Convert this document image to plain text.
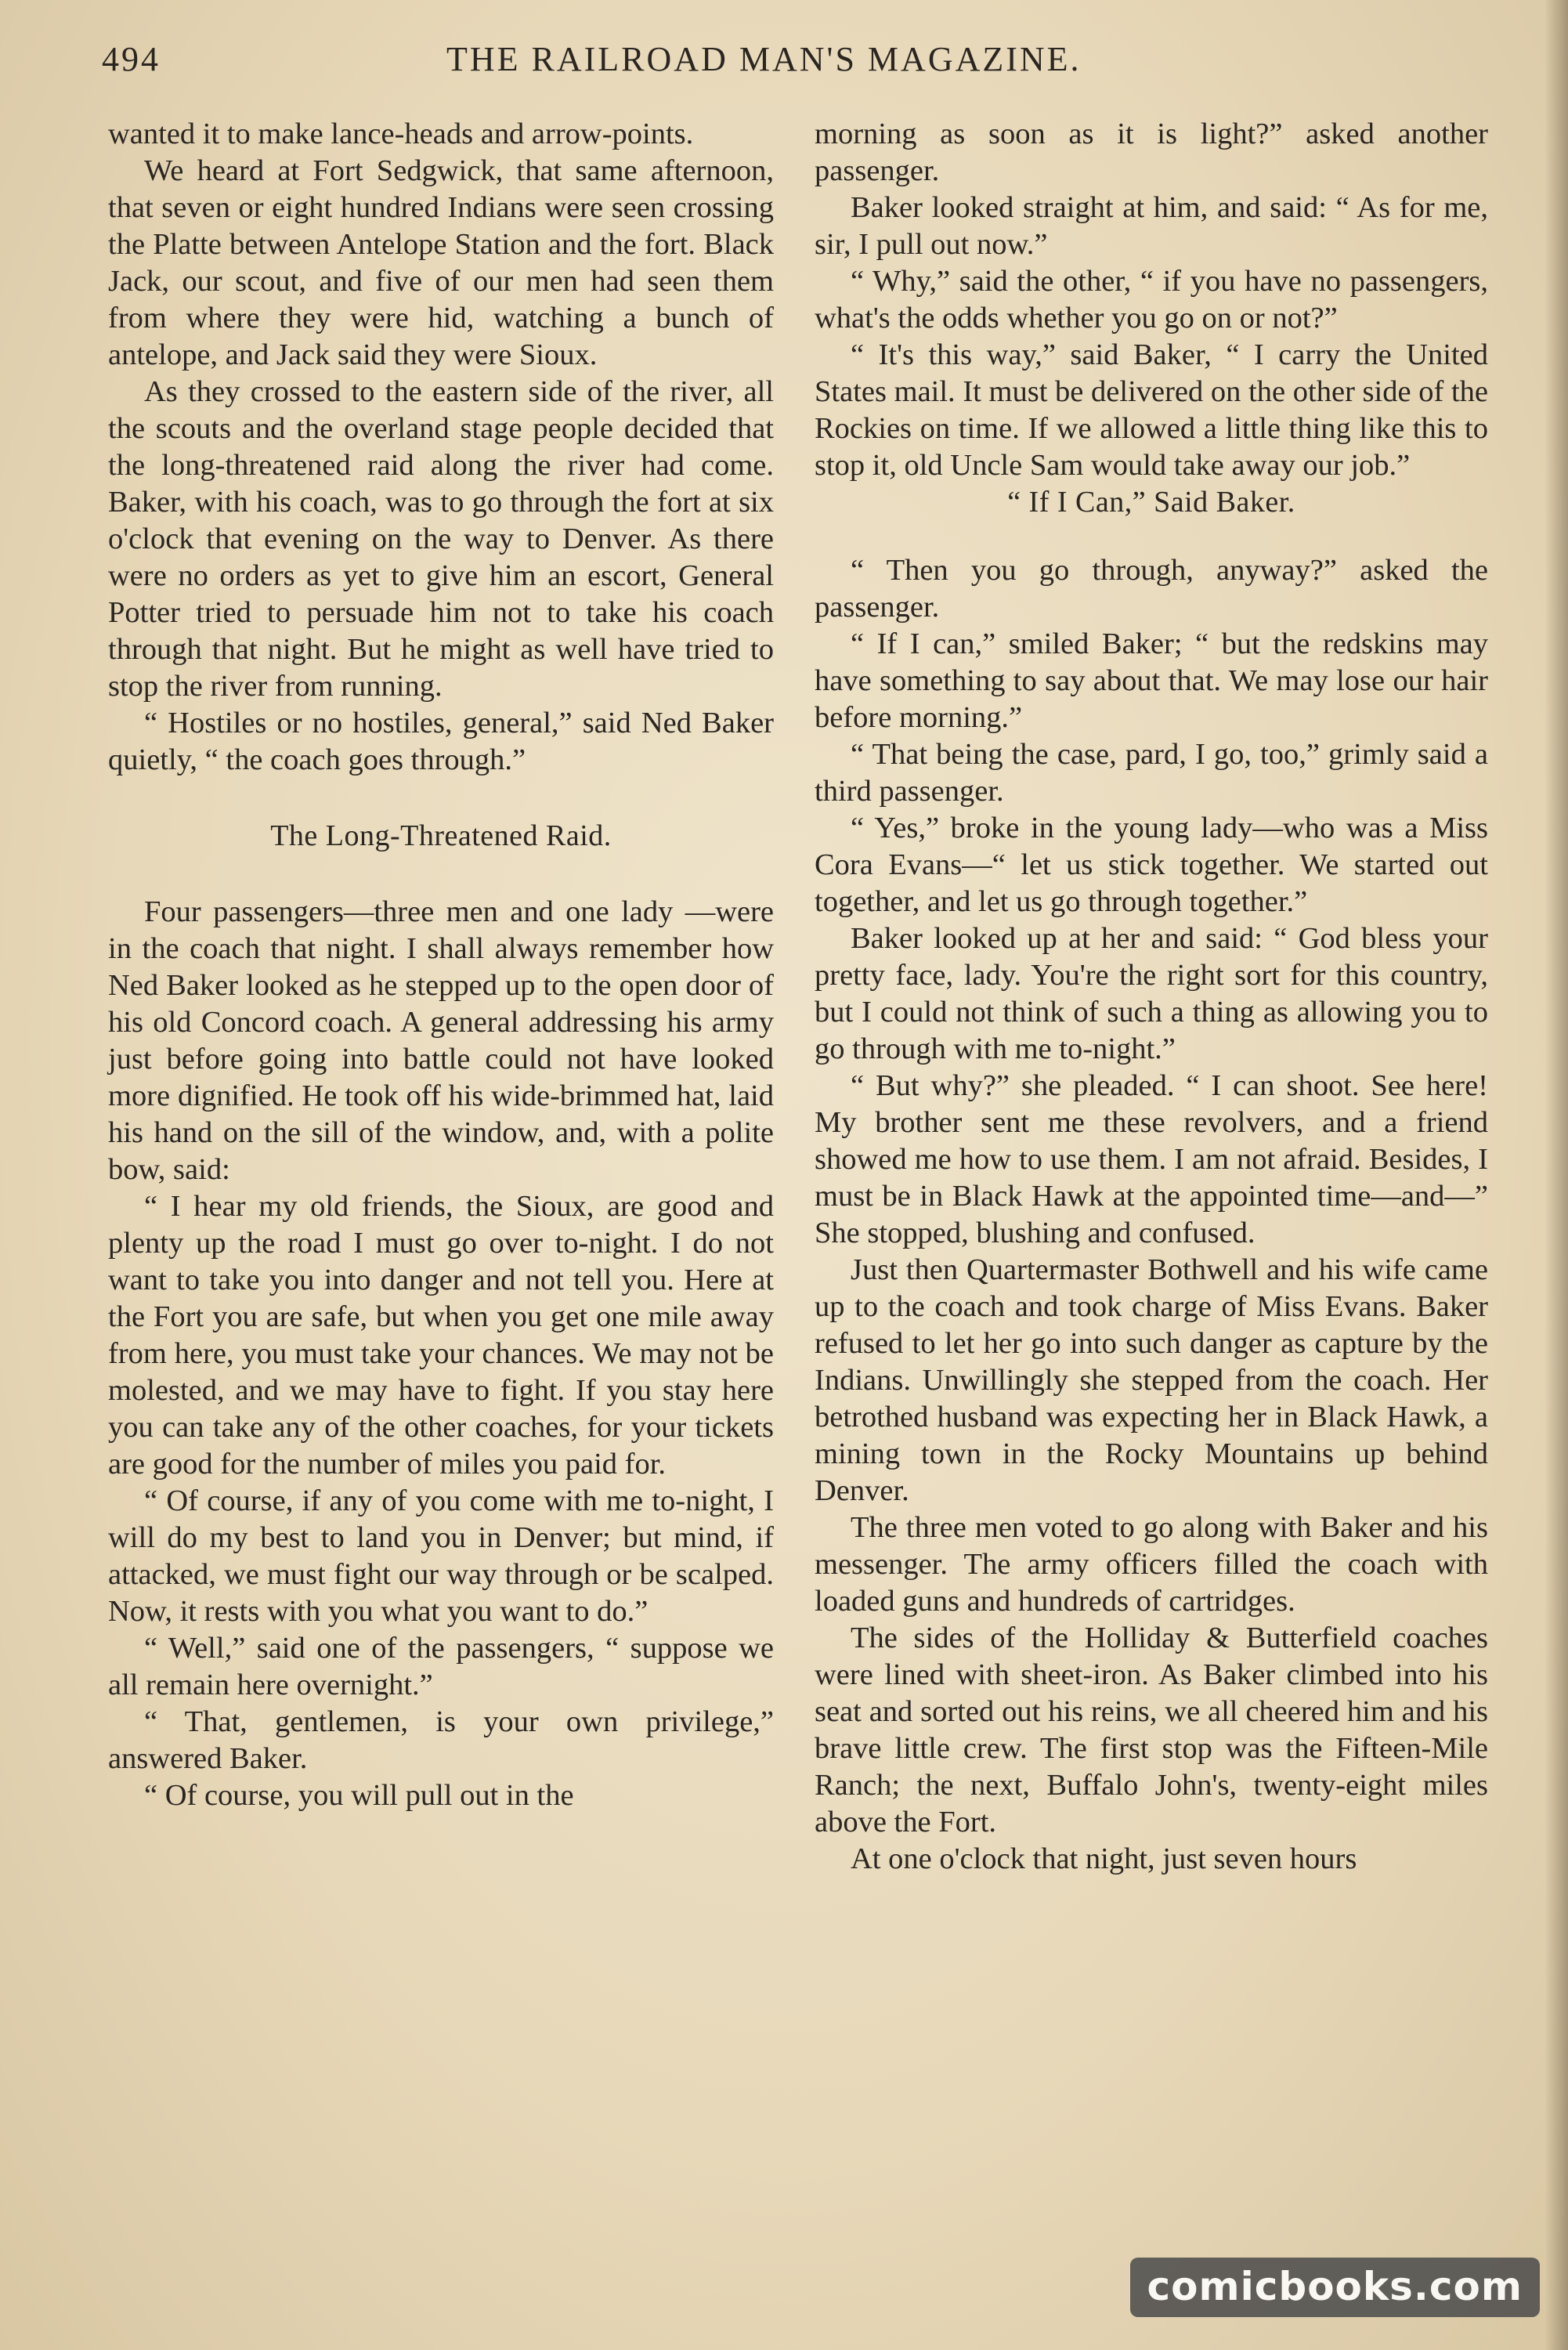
494	THE RAILROAD MAN'S MAGAZINE.

wanted it to make lance-heads and arrow-points.

We heard at Fort Sedgwick, that same afternoon, that seven or eight hundred Indians were seen crossing the Platte between Antelope Station and the fort. Black Jack, our scout, and five of our men had seen them from where they were hid, watching a bunch of antelope, and Jack said they were Sioux.

As they crossed to the eastern side of the river, all the scouts and the overland stage people decided that the long-threatened raid along the river had come. Baker, with his coach, was to go through the fort at six o'clock that evening on the way to Denver. As there were no orders as yet to give him an escort, General Potter tried to persuade him not to take his coach through that night. But he might as well have tried to stop the river from running.

“ Hostiles or no hostiles, general,” said Ned Baker quietly, “ the coach goes through.”

The Long-Threatened Raid.

Four passengers—three men and one lady —were in the coach that night. I shall always remember how Ned Baker looked as he stepped up to the open door of his old Concord coach. A general addressing his army just before going into battle could not have looked more dignified. He took off his wide-brimmed hat, laid his hand on the sill of the window, and, with a polite bow, said:

“ I hear my old friends, the Sioux, are good and plenty up the road I must go over to-night. I do not want to take you into danger and not tell you. Here at the Fort you are safe, but when you get one mile away from here, you must take your chances. We may not be molested, and we may have to fight. If you stay here you can take any of the other coaches, for your tickets are good for the number of miles you paid for.

“ Of course, if any of you come with me to-night, I will do my best to land you in Denver; but mind, if attacked, we must fight our way through or be scalped. Now, it rests with you what you want to do.”

“ Well,” said one of the passengers, “ suppose we all remain here overnight.”

“ That, gentlemen, is your own privilege,” answered Baker.

“ Of course, you will pull out in the

morning as soon as it is light?” asked another passenger.

Baker looked straight at him, and said: “ As for me, sir, I pull out now.”

“ Why,” said the other, “ if you have no passengers, what's the odds whether you go on or not?”

“ It's this way,” said Baker, “ I carry the United States mail. It must be delivered on the other side of the Rockies on time. If we allowed a little thing like this to stop it, old Uncle Sam would take away our job.”

“ If I Can,” Said Baker.

“ Then you go through, anyway?” asked the passenger.

“ If I can,” smiled Baker; “ but the redskins may have something to say about that. We may lose our hair before morning.”

“ That being the case, pard, I go, too,” grimly said a third passenger.

“ Yes,” broke in the young lady—who was a Miss Cora Evans—“ let us stick together. We started out together, and let us go through together.”

Baker looked up at her and said: “ God bless your pretty face, lady. You're the right sort for this country, but I could not think of such a thing as allowing you to go through with me to-night.”

“ But why?” she pleaded. “ I can shoot. See here! My brother sent me these revolvers, and a friend showed me how to use them. I am not afraid. Besides, I must be in Black Hawk at the appointed time—and—” She stopped, blushing and confused.

Just then Quartermaster Bothwell and his wife came up to the coach and took charge of Miss Evans. Baker refused to let her go into such danger as capture by the Indians. Unwillingly she stepped from the coach. Her betrothed husband was expecting her in Black Hawk, a mining town in the Rocky Mountains up behind Denver.

The three men voted to go along with Baker and his messenger. The army officers filled the coach with loaded guns and hundreds of cartridges.

The sides of the Holliday & Butterfield coaches were lined with sheet-iron. As Baker climbed into his seat and sorted out his reins, we all cheered him and his brave little crew. The first stop was the Fifteen-Mile Ranch; the next, Buffalo John's, twenty-eight miles above the Fort.

At one o'clock that night, just seven hours

comicbooks.com
